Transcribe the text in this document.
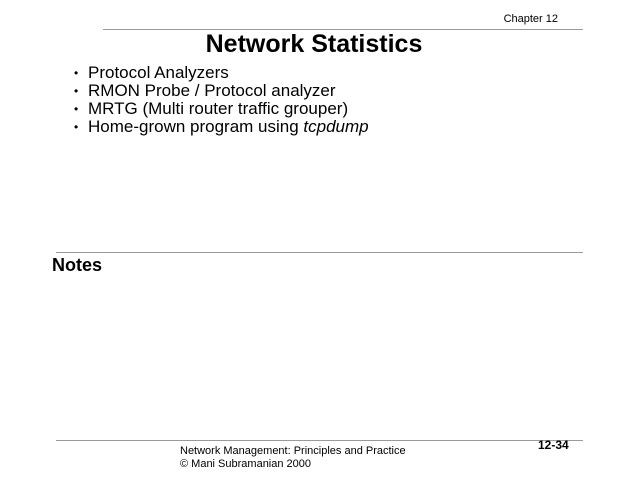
Chapter 12
Network Statistics
• Protocol Analyzers
• RMON Probe / Protocol analyzer
• MRTG (Multi router traffic grouper)
• Home-grown program using tcpdump
Notes
Network Management: Principles and Practice
© Mani Subramanian 2000
12-34
